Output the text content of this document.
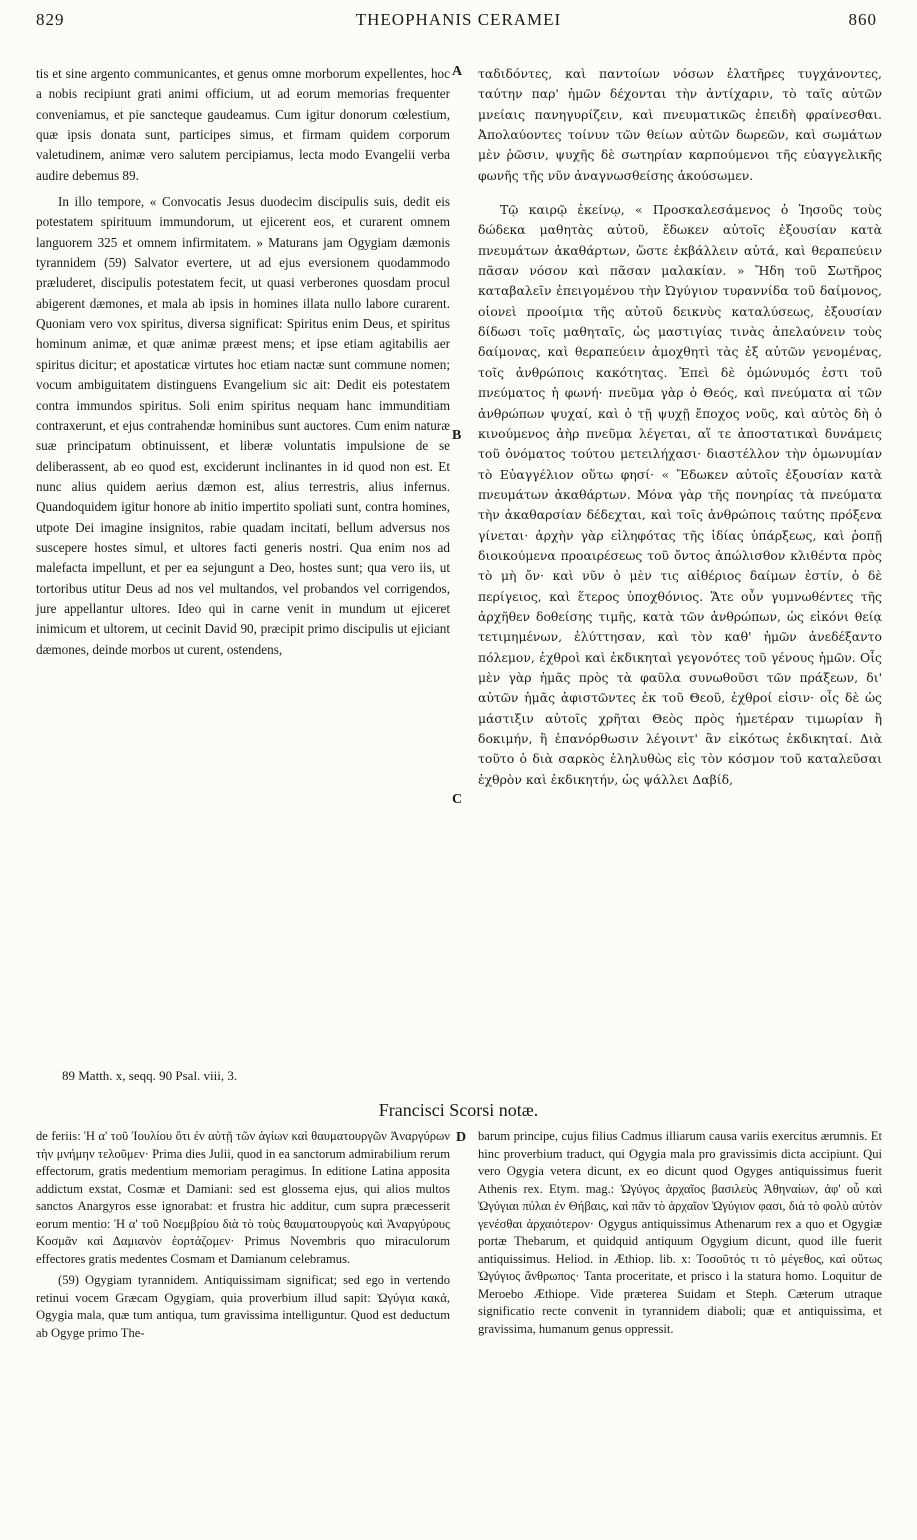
829	THEOPHANIS CERAMEI	860
A
B
C
D

tis et sine argento communicantes, et genus omne morborum expellentes, hoc a nobis recipiunt grati animi officium, ut ad eorum memorias frequenter conveniamus, et pie sancteque gaudeamus. Cum igitur donorum cœlestium, quæ ipsis donata sunt, participes simus, et firmam quidem corporum valetudinem, animæ vero salutem percipiamus, lecta modo Evangelii verba audire debemus 89.

In illo tempore, « Convocatis Jesus duodecim discipulis suis, dedit eis potestatem spirituum immundorum, ut ejicerent eos, et curarent omnem languorem 325 et omnem infirmitatem. » Maturans jam Ogygiam dæmonis tyrannidem (59) Salvator evertere, ut ad ejus eversionem quodammodo præluderet, discipulis potestatem fecit, ut quasi verberones quosdam procul abigerent dæmones, et mala ab ipsis in homines illata nullo labore curarent. Quoniam vero vox spiritus, diversa significat: Spiritus enim Deus, et spiritus hominum animæ, et quæ animæ præest mens; et ipse etiam agitabilis aer spiritus dicitur; et apostaticæ virtutes hoc etiam nactæ sunt commune nomen; vocum ambiguitatem distinguens Evangelium sic ait: Dedit eis potestatem contra immundos spiritus. Soli enim spiritus nequam hanc immunditiam contraxerunt, et ejus contrahendæ hominibus sunt auctores. Cum enim naturæ suæ principatum obtinuissent, et liberæ voluntatis impulsione de se deliberassent, ab eo quod est, exciderunt inclinantes in id quod non est. Et nunc alius quidem aerius dæmon est, alius terrestris, alius infernus. Quandoquidem igitur honore ab initio impertito spoliati sunt, contra homines, utpote Dei imagine insignitos, rabie quadam incitati, bellum adversus nos suscepere hostes simul, et ultores facti generis nostri. Qua enim nos ad malefacta impellunt, et per ea sejungunt a Deo, hostes sunt; qua vero iis, ut tortoribus utitur Deus ad nos vel multandos, vel probandos vel corrigendos, jure appellantur ultores. Ideo qui in carne venit in mundum ut ejiceret inimicum et ultorem, ut cecinit David 90, præcipit primo discipulis ut ejiciant dæmones, deinde morbos ut curent, ostendens,

ταδιδόντες, καὶ παντοίων νόσων ἐλατῆρες τυγχάνοντες, ταύτην παρ' ἡμῶν δέχονται τὴν ἀντίχαριν, τὸ ταῖς αὐτῶν μνείαις πανηγυρίζειν, καὶ πνευματικῶς ἐπειδὴ φραίνεσθαι. Ἀπολαύοντες τοίνυν τῶν θείων αὐτῶν δωρεῶν, καὶ σωμάτων μὲν ῥῶσιν, ψυχῆς δὲ σωτηρίαν καρπούμενοι τῆς εὐαγγελικῆς φωνῆς τῆς νῦν ἀναγνωσθείσης ἀκούσωμεν.

Τῷ καιρῷ ἐκείνῳ, « Προσκαλεσάμενος ὁ Ἰησοῦς τοὺς δώδεκα μαθητὰς αὐτοῦ, ἔδωκεν αὐτοῖς ἐξουσίαν κατὰ πνευμάτων ἀκαθάρτων, ὥστε ἐκβάλλειν αὐτά, καὶ θεραπεύειν πᾶσαν νόσον καὶ πᾶσαν μαλακίαν. » Ἤδη τοῦ Σωτῆρος καταβαλεῖν ἐπειγομένου τὴν Ὠγύγιον τυραννίδα τοῦ δαίμονος, οἱονεὶ προοίμια τῆς αὐτοῦ δεικνὺς καταλύσεως, ἐξουσίαν δίδωσι τοῖς μαθηταῖς, ὡς μαστιγίας τινὰς ἀπελαύνειν τοὺς δαίμονας, καὶ θεραπεύειν ἀμοχθητὶ τὰς ἐξ αὐτῶν γενομένας, τοῖς ἀνθρώποις κακότητας. Ἐπεὶ δὲ ὁμώνυμός ἐστι τοῦ πνεύματος ἡ φωνή· πνεῦμα γὰρ ὁ Θεός, καὶ πνεύματα αἱ τῶν ἀνθρώπων ψυχαί, καὶ ὁ τῇ ψυχῇ ἔποχος νοῦς, καὶ αὐτὸς δὴ ὁ κινούμενος ἀὴρ πνεῦμα λέγεται, αἵ τε ἀποστατικαὶ δυνάμεις τοῦ ὀνόματος τούτου μετειλήχασι· διαστέλλον τὴν ὁμωνυμίαν τὸ Εὐαγγέλιον οὕτω φησί· « Ἔδωκεν αὐτοῖς ἐξουσίαν κατὰ πνευμάτων ἀκαθάρτων. Μόνα γὰρ τῆς πονηρίας τὰ πνεύματα τὴν ἀκαθαρσίαν δέδεχται, καὶ τοῖς ἀνθρώποις ταύτης πρόξενα γίνεται· ἀρχὴν γὰρ εἰληφότας τῆς ἰδίας ὑπάρξεως, καὶ ῥοπῇ διοικούμενα προαιρέσεως τοῦ ὄντος ἀπώλισθον κλιθέντα πρὸς τὸ μὴ ὄν· καὶ νῦν ὁ μὲν τις αἰθέριος δαίμων ἐστίν, ὁ δὲ περίγειος, καὶ ἕτερος ὑποχθόνιος. Ἅτε οὖν γυμνωθέντες τῆς ἀρχῆθεν δοθείσης τιμῆς, κατὰ τῶν ἀνθρώπων, ὡς εἰκόνι θείᾳ τετιμημένων, ἐλύττησαν, καὶ τὸν καθ' ἡμῶν ἀνεδέξαντο πόλεμον, ἐχθροὶ καὶ ἐκδικηταὶ γεγονότες τοῦ γένους ἡμῶν. Οἷς μὲν γὰρ ἡμᾶς πρὸς τὰ φαῦλα συνωθοῦσι τῶν πράξεων, δι' αὐτῶν ἡμᾶς ἀφιστῶντες ἐκ τοῦ Θεοῦ, ἐχθροί εἰσιν· οἷς δὲ ὡς μάστιξιν αὐτοῖς χρῆται Θεὸς πρὸς ἡμετέραν τιμωρίαν ἢ δοκιμήν, ἢ ἐπανόρθωσιν λέγοιντ' ἂν εἰκότως ἐκδικηταί. Διὰ τοῦτο ὁ διὰ σαρκὸς ἐληλυθὼς εἰς τὸν κόσμον τοῦ καταλεῦσαι ἐχθρὸν καὶ ἐκδικητήν, ὡς ψάλλει Δαβίδ,

89 Matth. x, seqq. 90 Psal. viii, 3.
Francisci Scorsi notæ.

de feriis: Ἡ α' τοῦ Ἰουλίου ὅτι ἐν αὐτῇ τῶν ἁγίων καὶ θαυματουργῶν Ἀναργύρων τὴν μνήμην τελοῦμεν· Prima dies Julii, quod in ea sanctorum admirabilium rerum effectorum, gratis medentium memoriam peragimus. In editione Latina apposita addictum exstat, Cosmæ et Damiani: sed est glossema ejus, qui alios multos sanctos Anargyros esse ignorabat: et frustra hic additur, cum supra præcesserit eorum mentio: Ἡ α' τοῦ Νοεμβρίου διὰ τὸ τοὺς θαυματουργοὺς καὶ Ἀναργύρους Κοσμᾶν καὶ Δαμιανὸν ἑορτάζομεν· Primus Novembris quo miraculorum effectores gratis medentes Cosmam et Damianum celebramus.

(59) Ogygiam tyrannidem. Antiquissimam significat; sed ego in vertendo retinui vocem Græcam Ogygiam, quia proverbium illud sapit: Ὠγύγια κακά, Ogygia mala, quæ tum antiqua, tum gravissima intelliguntur. Quod est deductum ab Ogyge primo The-

barum principe, cujus filius Cadmus illiarum causa variis exercitus ærumnis. Et hinc proverbium traduct, qui Ogygia mala pro gravissimis dicta accipiunt. Qui vero Ogygia vetera dicunt, ex eo dicunt quod Ogyges antiquissimus fuerit Athenis rex. Etym. mag.: Ὠγύγος ἀρχαῖος βασιλεὺς Ἀθηναίων, ἀφ' οὗ καὶ Ὠγύγιαι πύλαι ἐν Θήβαις, καὶ πᾶν τὸ ἀρχαῖον Ὠγύγιον φασι, διὰ τὸ φολὺ αὐτὸν γενέσθαι ἀρχαιότερον· Ogygus antiquissimus Athenarum rex a quo et Ogygiæ portæ Thebarum, et quidquid antiquum Ogygium dicunt, quod ille fuerit antiquissimus. Heliod. in Æthiop. lib. x: Τοσοῦτός τι τὸ μέγεθος, καὶ οὕτως Ὠγύγιος ἄνθρωπος· Tanta proceritate, et prisco i la statura homo. Loquitur de Meroebo Æthiope. Vide præterea Suidam et Steph. Cæterum utraque significatio recte convenit in tyrannidem diaboli; quæ et antiquissima, et gravissima, humanum genus oppressit.
